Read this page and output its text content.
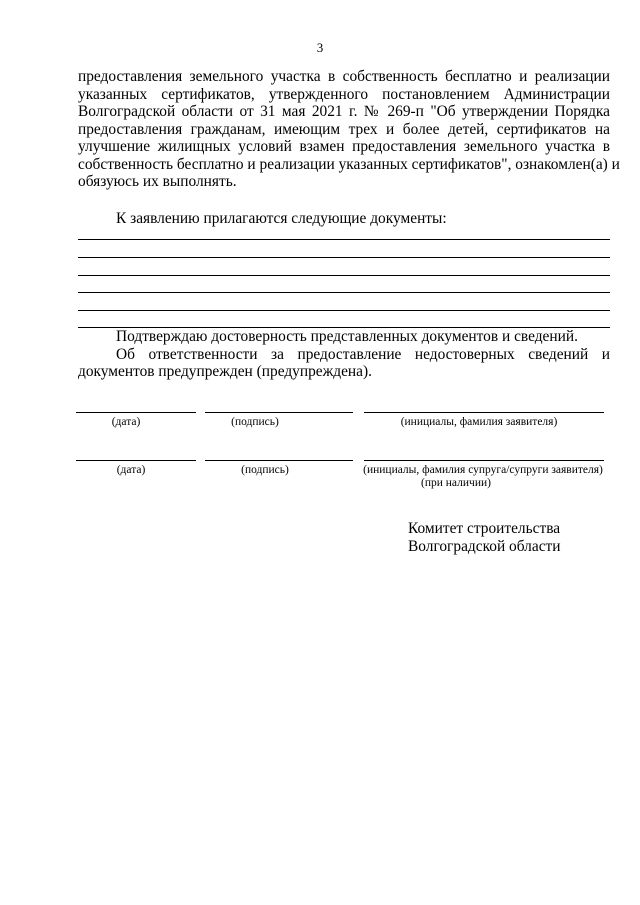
3
предоставления земельного участка в собственность бесплатно и реализации
указанных сертификатов, утвержденного постановлением Администрации
Волгоградской области от 31 мая 2021 г. № 269-п "Об утверждении Порядка
предоставления гражданам, имеющим трех и более детей, сертификатов на
улучшение жилищных условий взамен предоставления земельного участка в
собственность бесплатно и реализации указанных сертификатов", ознакомлен(а) и
обязуюсь их выполнять.
К заявлению прилагаются следующие документы:
Подтверждаю достоверность представленных документов и сведений.
Об ответственности за предоставление недостоверных сведений и
документов предупрежден (предупреждена).
(дата)	(подпись)	(инициалы, фамилия заявителя)
(дата)	(подпись)	(инициалы, фамилия супруга/супруги заявителя)
(при наличии)
Комитет строительства
Волгоградской области
